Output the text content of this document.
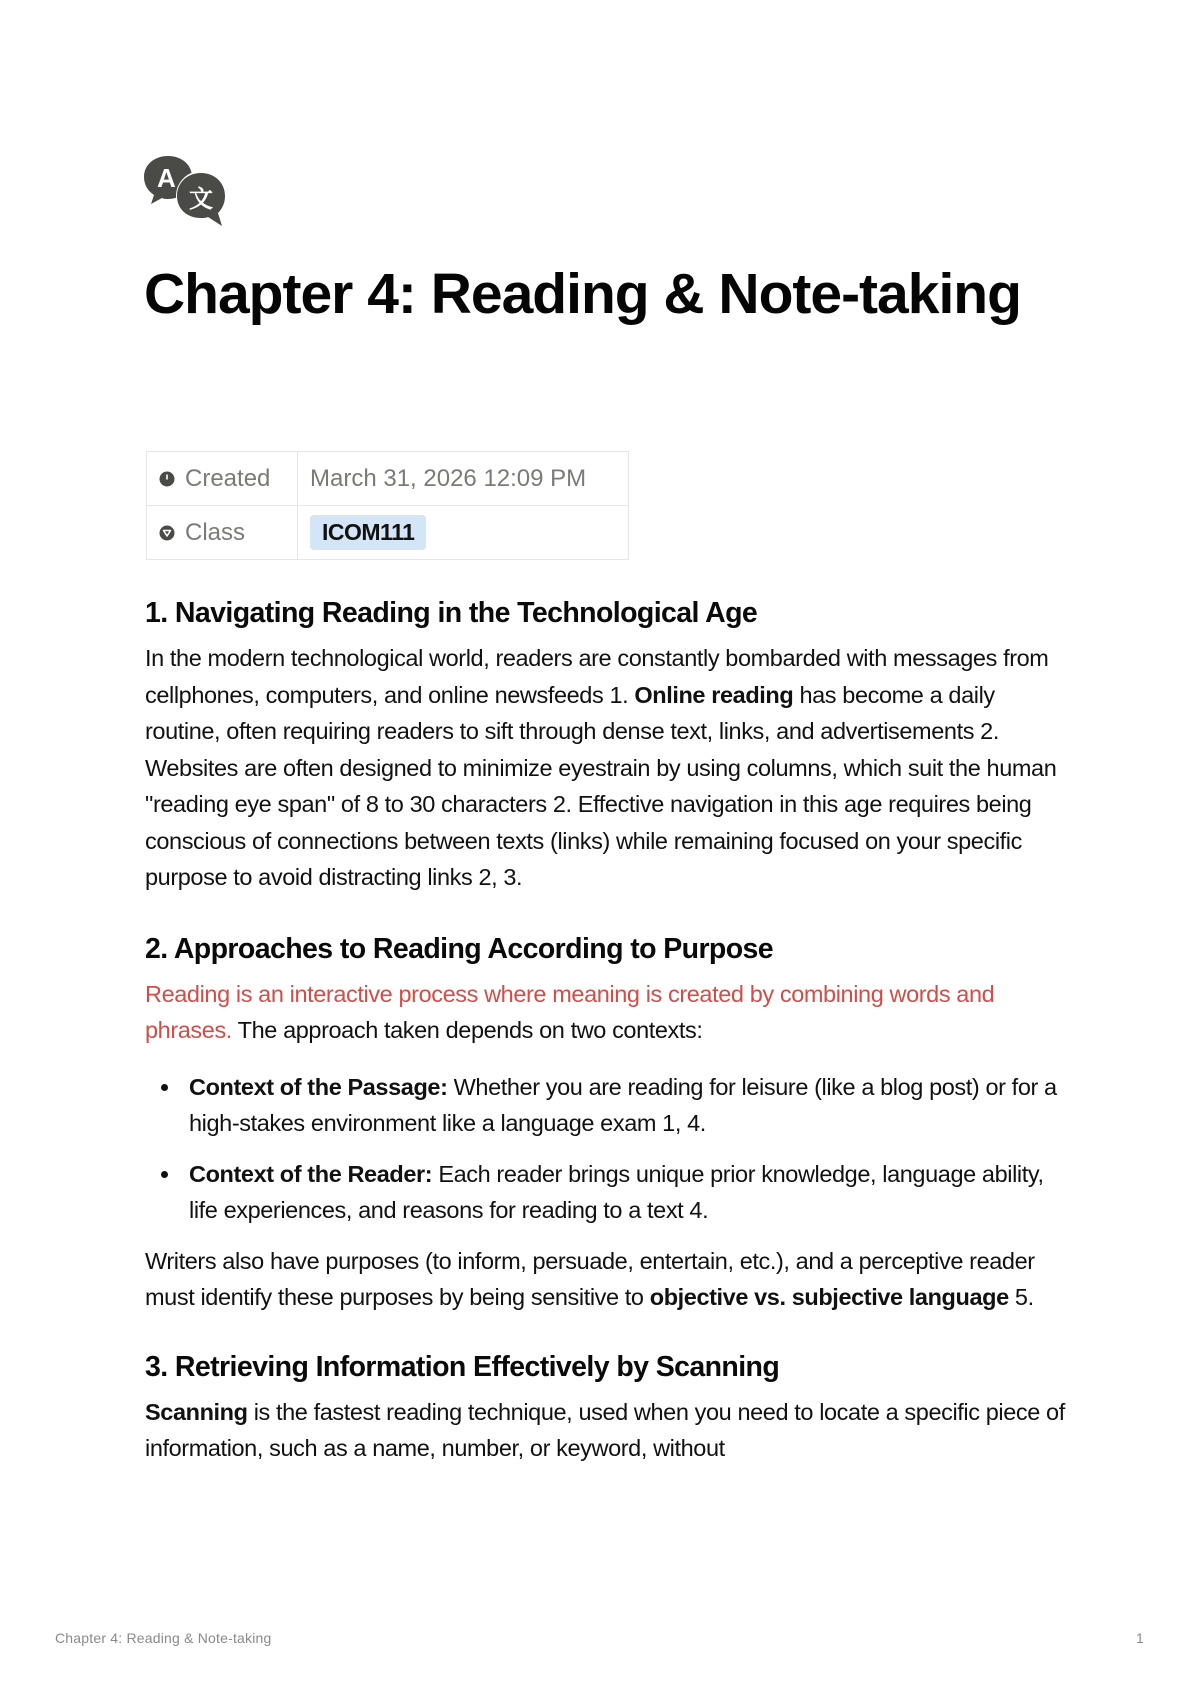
A
文
Chapter 4: Reading & Note-taking
Created	March 31, 2026 12:09 PM
Class	ICOM111
1. Navigating Reading in the Technological Age

In the modern technological world, readers are constantly bombarded with messages from cellphones, computers, and online newsfeeds 1. Online reading has become a daily routine, often requiring readers to sift through dense text, links, and advertisements 2. Websites are often designed to minimize eyestrain by using columns, which suit the human "reading eye span" of 8 to 30 characters 2. Effective navigation in this age requires being conscious of connections between texts (links) while remaining focused on your specific purpose to avoid distracting links 2, 3.

2. Approaches to Reading According to Purpose

Reading is an interactive process where meaning is created by combining words and phrases. The approach taken depends on two contexts:

Context of the Passage: Whether you are reading for leisure (like a blog post) or for a high-stakes environment like a language exam 1, 4.
Context of the Reader: Each reader brings unique prior knowledge, language ability, life experiences, and reasons for reading to a text 4.

Writers also have purposes (to inform, persuade, entertain, etc.), and a perceptive reader must identify these purposes by being sensitive to objective vs. subjective language 5.

3. Retrieving Information Effectively by Scanning

Scanning is the fastest reading technique, used when you need to locate a specific piece of information, such as a name, number, or keyword, without

Chapter 4: Reading & Note-taking	1
